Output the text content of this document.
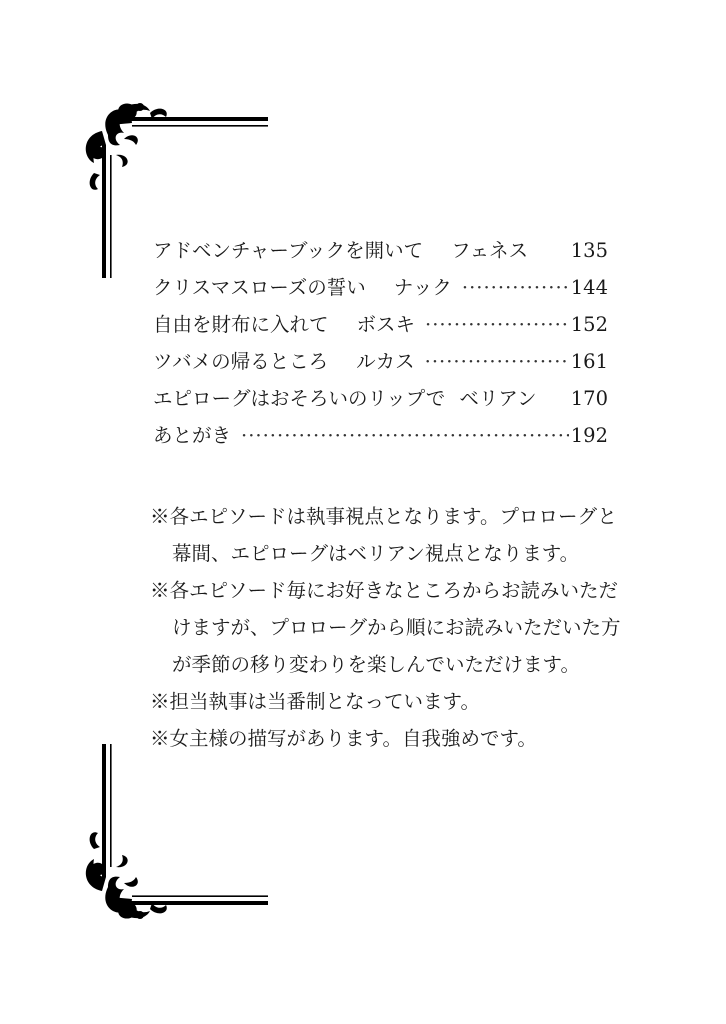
アドベンチャーブックを開いて フェネス 135
クリスマスローズの誓い ナック ·····	144
自由を財布に入れて ボスキ ·····	152
ツバメの帰るところ ルカス ·····	161
エピローグはおそろいのリップで ベリアン 170
あとがき ·····	192

※各エピソードは執事視点となります。プロローグと幕間、エピローグはベリアン視点となります。

※各エピソード毎にお好きなところからお読みいただけますが、プロローグから順にお読みいただいた方が季節の移り変わりを楽しんでいただけます。

※担当執事は当番制となっています。

※女主様の描写があります。自我強めです。
